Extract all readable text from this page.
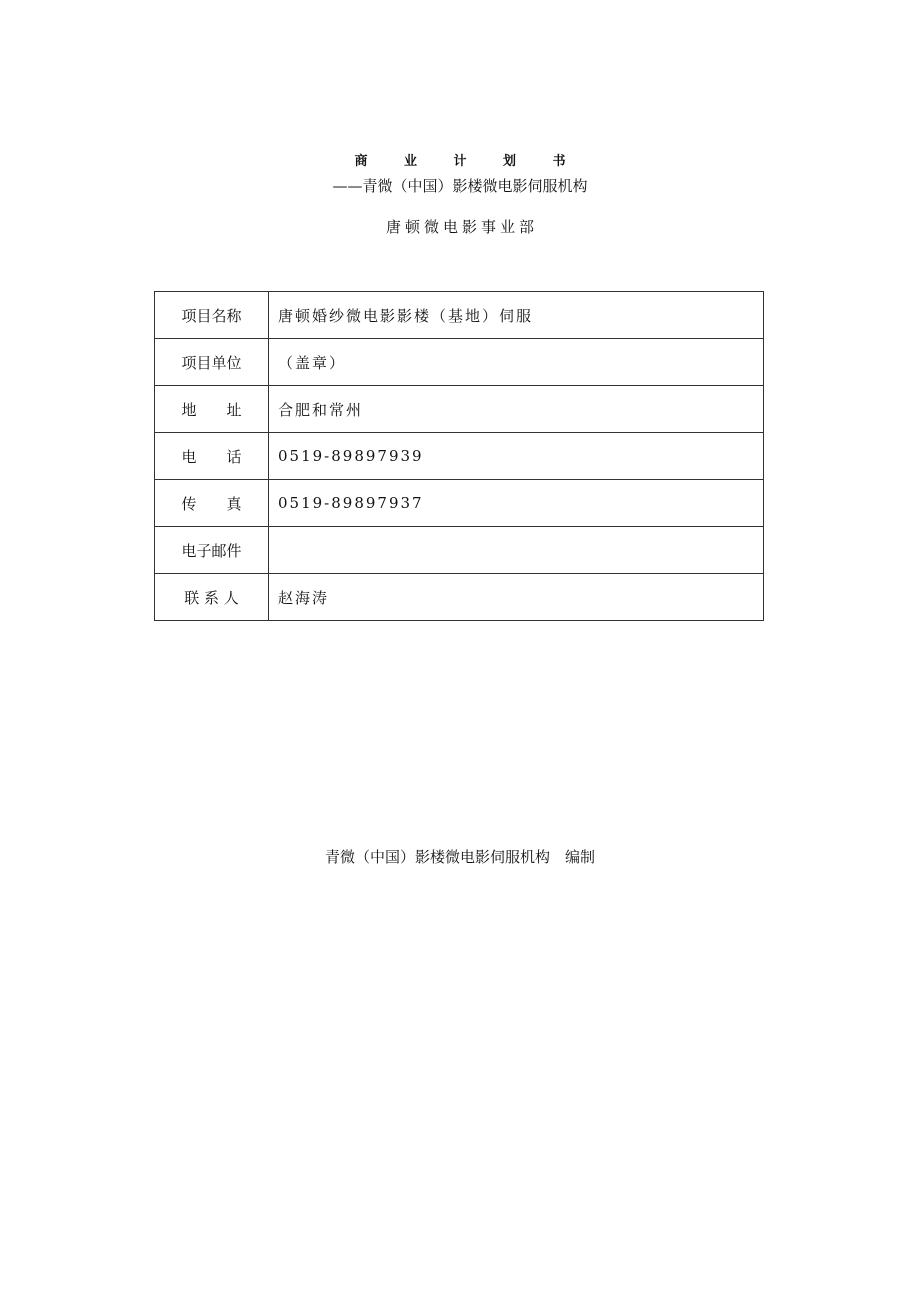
商 业 计 划 书
——青微（中国）影楼微电影伺服机构
唐顿微电影事业部
项目名称	唐顿婚纱微电影影楼（基地）伺服
项目单位	（盖章）
地　　址	合肥和常州
电　　话	0519-89897939
传　　真	0519-89897937
电子邮件	
联 系 人	赵海涛
青微（中国）影楼微电影伺服机构　编制
